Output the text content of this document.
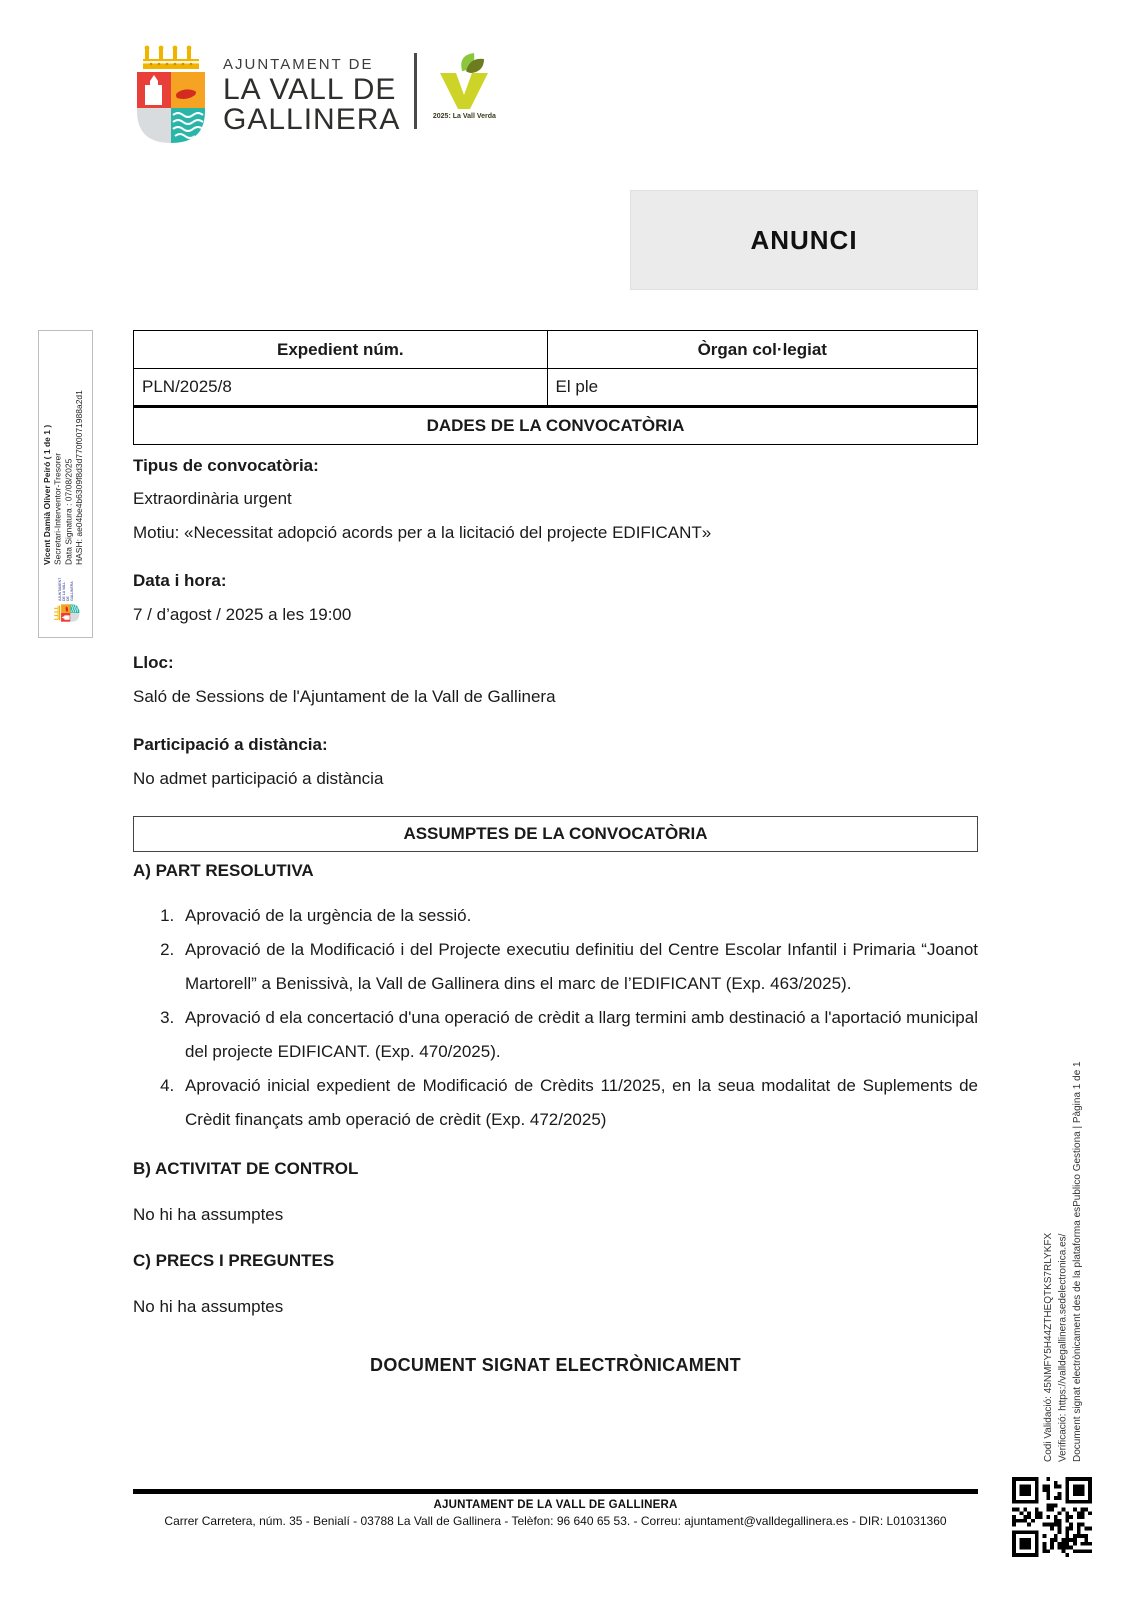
AJUNTAMENT DE
LA VALL DE
GALLINERA	2025: La Vall Verda
ANUNCI
Vicent Damià Oliver Peiró ( 1 de 1 ) Secretari-Interventor-Tresorer Data Signatura : 07/08/2025 HASH: ae04be4b6309f8d3d770f0071988a2d1
AJUNTAMENT DE LA VALL DE GALLINERA
Codi Validació: 45NMFY5H44ZTHEQTKS7RLYKFX Verificació: https://valldegallinera.sedelectronica.es/ Document signat electrònicament des de la plataforma esPublico Gestiona | Pàgina 1 de 1
Expedient núm.	Òrgan col·legiat
PLN/2025/8	El ple
DADES DE LA CONVOCATÒRIA	
Tipus de convocatòria:
Extraordinària urgent
Motiu: «Necessitat adopció acords per a la licitació del projecte EDIFICANT»
Data i hora:
7 / d’agost / 2025 a les 19:00
Lloc:
Saló de Sessions de l'Ajuntament de la Vall de Gallinera
Participació a distància:
No admet participació a distància
ASSUMPTES DE LA CONVOCATÒRIA
A) PART RESOLUTIVA
1. Aprovació de la urgència de la sessió.
2. Aprovació de la Modificació i del Projecte executiu definitiu del Centre Escolar Infantil i Primaria “Joanot Martorell” a Benissivà, la Vall de Gallinera dins el marc de l’EDIFICANT (Exp. 463/2025).
3. Aprovació d ela concertació d'una operació de crèdit a llarg termini amb destinació a l'aportació municipal del projecte EDIFICANT. (Exp. 470/2025).
4. Aprovació inicial expedient de Modificació de Crèdits 11/2025, en la seua modalitat de Suplements de Crèdit finançats amb operació de crèdit (Exp. 472/2025)
B) ACTIVITAT DE CONTROL
No hi ha assumptes
C) PRECS I PREGUNTES
No hi ha assumptes
DOCUMENT SIGNAT ELECTRÒNICAMENT
AJUNTAMENT DE LA VALL DE GALLINERA
Carrer Carretera, núm. 35 - Benialí - 03788 La Vall de Gallinera - Telèfon: 96 640 65 53. - Correu: ajuntament@valldegallinera.es - DIR: L01031360
